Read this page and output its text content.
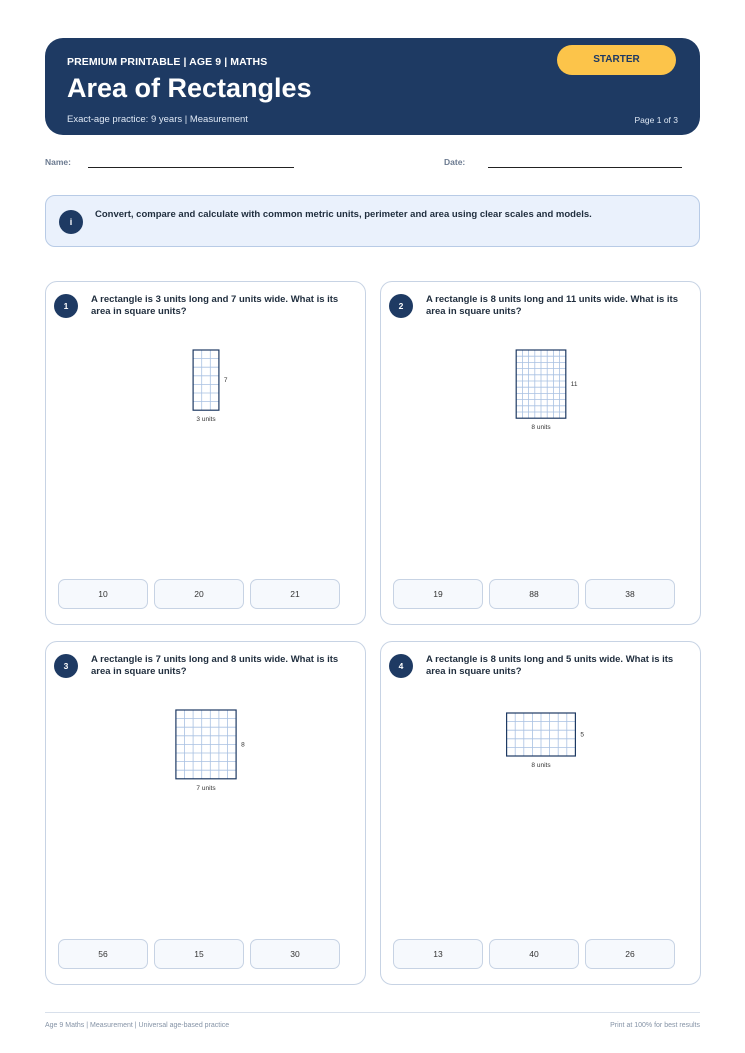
PREMIUM PRINTABLE | AGE 9 | MATHS
Area of Rectangles
Exact-age practice: 9 years | Measurement	Page 1 of 3
STARTER
Name:	Date:
i
Convert, compare and calculate with common metric units, perimeter and area using clear scales and models.
1
A rectangle is 3 units long and 7 units wide. What is its area in square units?
3 units
7
10	20	21
2
A rectangle is 8 units long and 11 units wide. What is its area in square units?
8 units
11
19	88	38
3
A rectangle is 7 units long and 8 units wide. What is its area in square units?
7 units
8
56	15	30
4
A rectangle is 8 units long and 5 units wide. What is its area in square units?
8 units
5
13	40	26
Age 9 Maths | Measurement | Universal age-based practice	Print at 100% for best results
